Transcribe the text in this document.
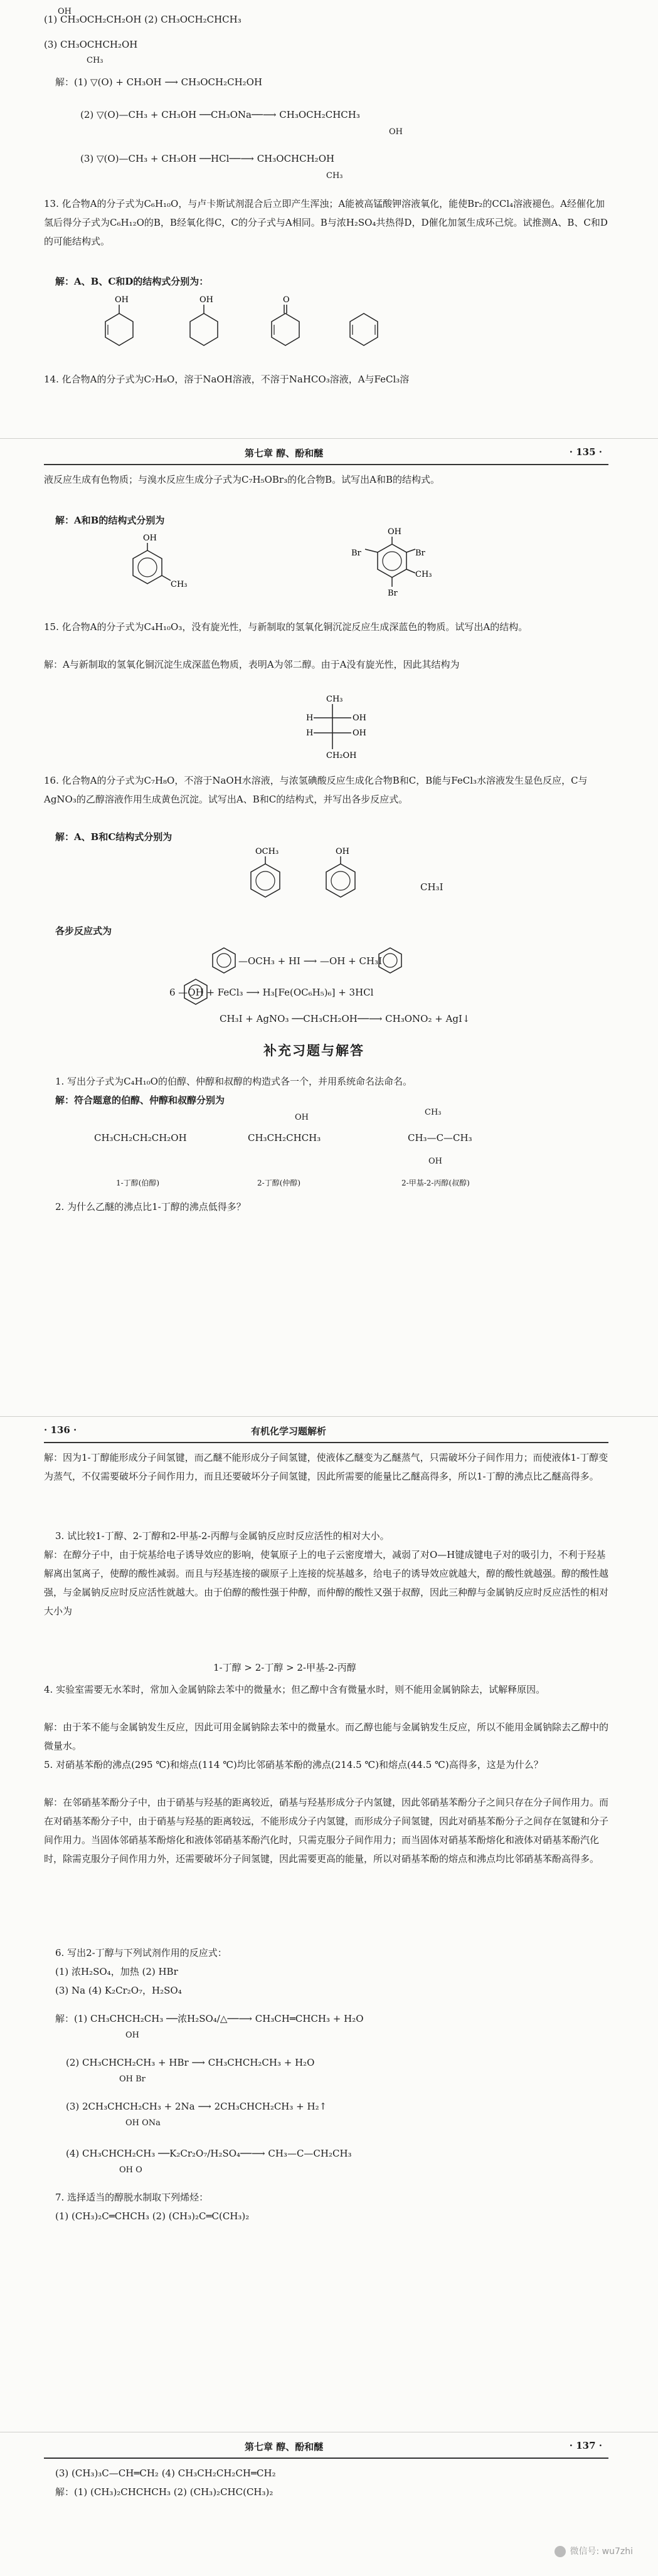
OH
(1) CH₃OCH₂CH₂OH (2) CH₃OCH₂CHCH₃
(3) CH₃OCHCH₂OH
CH₃
解：(1) ▽(O) + CH₃OH ⟶ CH₃OCH₂CH₂OH
(2) ▽(O)—CH₃ + CH₃OH ──CH₃ONa──⟶ CH₃OCH₂CHCH₃
OH
(3) ▽(O)—CH₃ + CH₃OH ──HCl──⟶ CH₃OCHCH₂OH
CH₃
13. 化合物A的分子式为C₆H₁₀O，与卢卡斯试剂混合后立即产生浑浊；A能被高锰酸钾溶液氧化，能使Br₂的CCl₄溶液褪色。A经催化加氢后得分子式为C₆H₁₂O的B，B经氧化得C，C的分子式与A相同。B与浓H₂SO₄共热得D，D催化加氢生成环己烷。试推测A、B、C和D的可能结构式。
解：A、B、C和D的结构式分别为：
OH	OH	O
14. 化合物A的分子式为C₇H₈O，溶于NaOH溶液，不溶于NaHCO₃溶液，A与FeCl₃溶
第七章 醇、酚和醚	· 135 ·
液反应生成有色物质；与溴水反应生成分子式为C₇H₅OBr₃的化合物B。试写出A和B的结构式。
解：A和B的结构式分别为
OH
CH₃
OH
Br	Br
CH₃
Br
15. 化合物A的分子式为C₄H₁₀O₃，没有旋光性，与新制取的氢氧化铜沉淀反应生成深蓝色的物质。试写出A的结构。
解：A与新制取的氢氧化铜沉淀生成深蓝色物质，表明A为邻二醇。由于A没有旋光性，因此其结构为
CH₃
H	OH
H	OH
CH₂OH
16. 化合物A的分子式为C₇H₈O，不溶于NaOH水溶液，与浓氢碘酸反应生成化合物B和C，B能与FeCl₃水溶液发生显色反应，C与AgNO₃的乙醇溶液作用生成黄色沉淀。试写出A、B和C的结构式，并写出各步反应式。
解：A、B和C结构式分别为
OCH₃	OH
CH₃I
各步反应式为
—OCH₃ + HI ⟶ —OH + CH₃I
6 —OH + FeCl₃ ⟶ H₃[Fe(OC₆H₅)₆] + 3HCl
CH₃I + AgNO₃ ──CH₃CH₂OH──⟶ CH₃ONO₂ + AgI↓
补充习题与解答
1. 写出分子式为C₄H₁₀O的伯醇、仲醇和叔醇的构造式各一个，并用系统命名法命名。
解：符合题意的伯醇、仲醇和叔醇分别为
CH₃CH₂CH₂CH₂OH
OH
CH₃CH₂CHCH₃
CH₃
CH₃—C—CH₃
OH
1-丁醇(伯醇)	2-丁醇(仲醇)	2-甲基-2-丙醇(叔醇)
2. 为什么乙醚的沸点比1-丁醇的沸点低得多？
· 136 ·	有机化学习题解析
解：因为1-丁醇能形成分子间氢键，而乙醚不能形成分子间氢键，使液体乙醚变为乙醚蒸气，只需破坏分子间作用力；而使液体1-丁醇变为蒸气，不仅需要破坏分子间作用力，而且还要破坏分子间氢键，因此所需要的能量比乙醚高得多，所以1-丁醇的沸点比乙醚高得多。
3. 试比较1-丁醇、2-丁醇和2-甲基-2-丙醇与金属钠反应时反应活性的相对大小。
解：在醇分子中，由于烷基给电子诱导效应的影响，使氧原子上的电子云密度增大，减弱了对O—H键成键电子对的吸引力，不利于羟基解离出氢离子，使醇的酸性减弱。而且与羟基连接的碳原子上连接的烷基越多，给电子的诱导效应就越大，醇的酸性就越强。醇的酸性越强，与金属钠反应时反应活性就越大。由于伯醇的酸性强于仲醇，而仲醇的酸性又强于叔醇，因此三种醇与金属钠反应时反应活性的相对大小为
1-丁醇 > 2-丁醇 > 2-甲基-2-丙醇
4. 实验室需要无水苯时，常加入金属钠除去苯中的微量水；但乙醇中含有微量水时，则不能用金属钠除去，试解释原因。
解：由于苯不能与金属钠发生反应，因此可用金属钠除去苯中的微量水。而乙醇也能与金属钠发生反应，所以不能用金属钠除去乙醇中的微量水。
5. 对硝基苯酚的沸点(295 ℃)和熔点(114 ℃)均比邻硝基苯酚的沸点(214.5 ℃)和熔点(44.5 ℃)高得多，这是为什么？
解：在邻硝基苯酚分子中，由于硝基与羟基的距离较近，硝基与羟基形成分子内氢键，因此邻硝基苯酚分子之间只存在分子间作用力。而在对硝基苯酚分子中，由于硝基与羟基的距离较远，不能形成分子内氢键，而形成分子间氢键，因此对硝基苯酚分子之间存在氢键和分子间作用力。当固体邻硝基苯酚熔化和液体邻硝基苯酚汽化时，只需克服分子间作用力；而当固体对硝基苯酚熔化和液体对硝基苯酚汽化时，除需克服分子间作用力外，还需要破坏分子间氢键，因此需要更高的能量，所以对硝基苯酚的熔点和沸点均比邻硝基苯酚高得多。
6. 写出2-丁醇与下列试剂作用的反应式：
(1) 浓H₂SO₄，加热 (2) HBr
(3) Na (4) K₂Cr₂O₇，H₂SO₄
解：(1) CH₃CHCH₂CH₃ ──浓H₂SO₄/△──⟶ CH₃CH═CHCH₃ + H₂O
OH
(2) CH₃CHCH₂CH₃ + HBr ⟶ CH₃CHCH₂CH₃ + H₂O
OH Br
(3) 2CH₃CHCH₂CH₃ + 2Na ⟶ 2CH₃CHCH₂CH₃ + H₂↑
OH ONa
(4) CH₃CHCH₂CH₃ ──K₂Cr₂O₇/H₂SO₄──⟶ CH₃—C—CH₂CH₃
OH O
7. 选择适当的醇脱水制取下列烯烃：
(1) (CH₃)₂C═CHCH₃ (2) (CH₃)₂C═C(CH₃)₂
第七章 醇、酚和醚	· 137 ·
(3) (CH₃)₃C—CH═CH₂ (4) CH₃CH₂CH₂CH═CH₂
解：(1) (CH₃)₂CHCHCH₃ (2) (CH₃)₂CHC(CH₃)₂
微信号: wu7zhi
